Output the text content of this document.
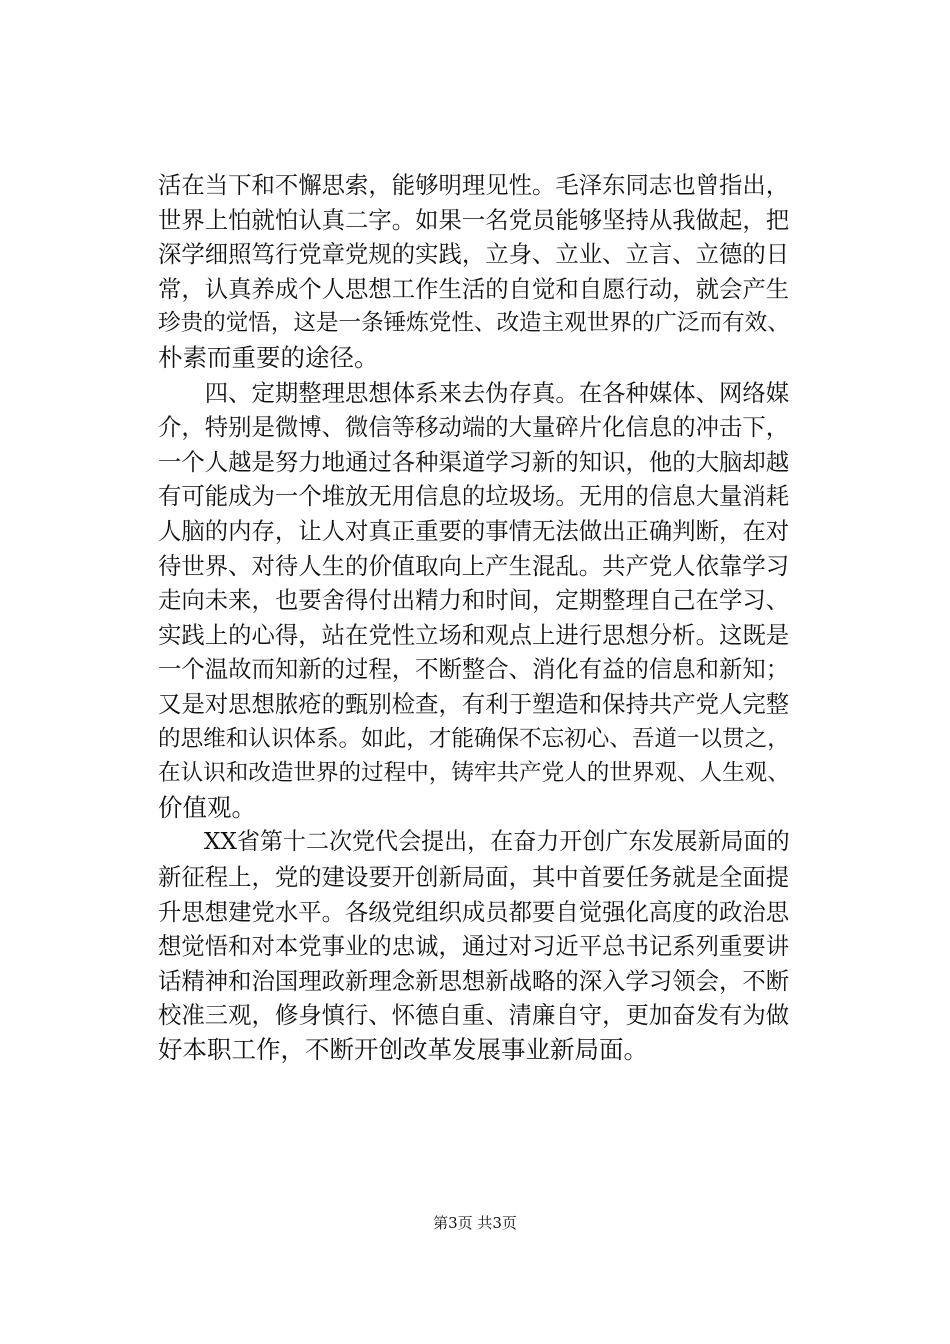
活在当下和不懈思索，能够明理见性。毛泽东同志也曾指出，
世界上怕就怕认真二字。如果一名党员能够坚持从我做起，把
深学细照笃行党章党规的实践，立身、立业、立言、立德的日
常，认真养成个人思想工作生活的自觉和自愿行动，就会产生
珍贵的觉悟，这是一条锤炼党性、改造主观世界的广泛而有效、
朴素而重要的途径。
　　四、定期整理思想体系来去伪存真。在各种媒体、网络媒
介，特别是微博、微信等移动端的大量碎片化信息的冲击下，
一个人越是努力地通过各种渠道学习新的知识，他的大脑却越
有可能成为一个堆放无用信息的垃圾场。无用的信息大量消耗
人脑的内存，让人对真正重要的事情无法做出正确判断，在对
待世界、对待人生的价值取向上产生混乱。共产党人依靠学习
走向未来，也要舍得付出精力和时间，定期整理自己在学习、
实践上的心得，站在党性立场和观点上进行思想分析。这既是
一个温故而知新的过程，不断整合、消化有益的信息和新知；
又是对思想脓疮的甄别检查，有利于塑造和保持共产党人完整
的思维和认识体系。如此，才能确保不忘初心、吾道一以贯之，
在认识和改造世界的过程中，铸牢共产党人的世界观、人生观、
价值观。
　　XX省第十二次党代会提出，在奋力开创广东发展新局面的
新征程上，党的建设要开创新局面，其中首要任务就是全面提
升思想建党水平。各级党组织成员都要自觉强化高度的政治思
想觉悟和对本党事业的忠诚，通过对习近平总书记系列重要讲
话精神和治国理政新理念新思想新战略的深入学习领会，不断
校准三观，修身慎行、怀德自重、清廉自守，更加奋发有为做
好本职工作，不断开创改革发展事业新局面。
第3页 共3页
